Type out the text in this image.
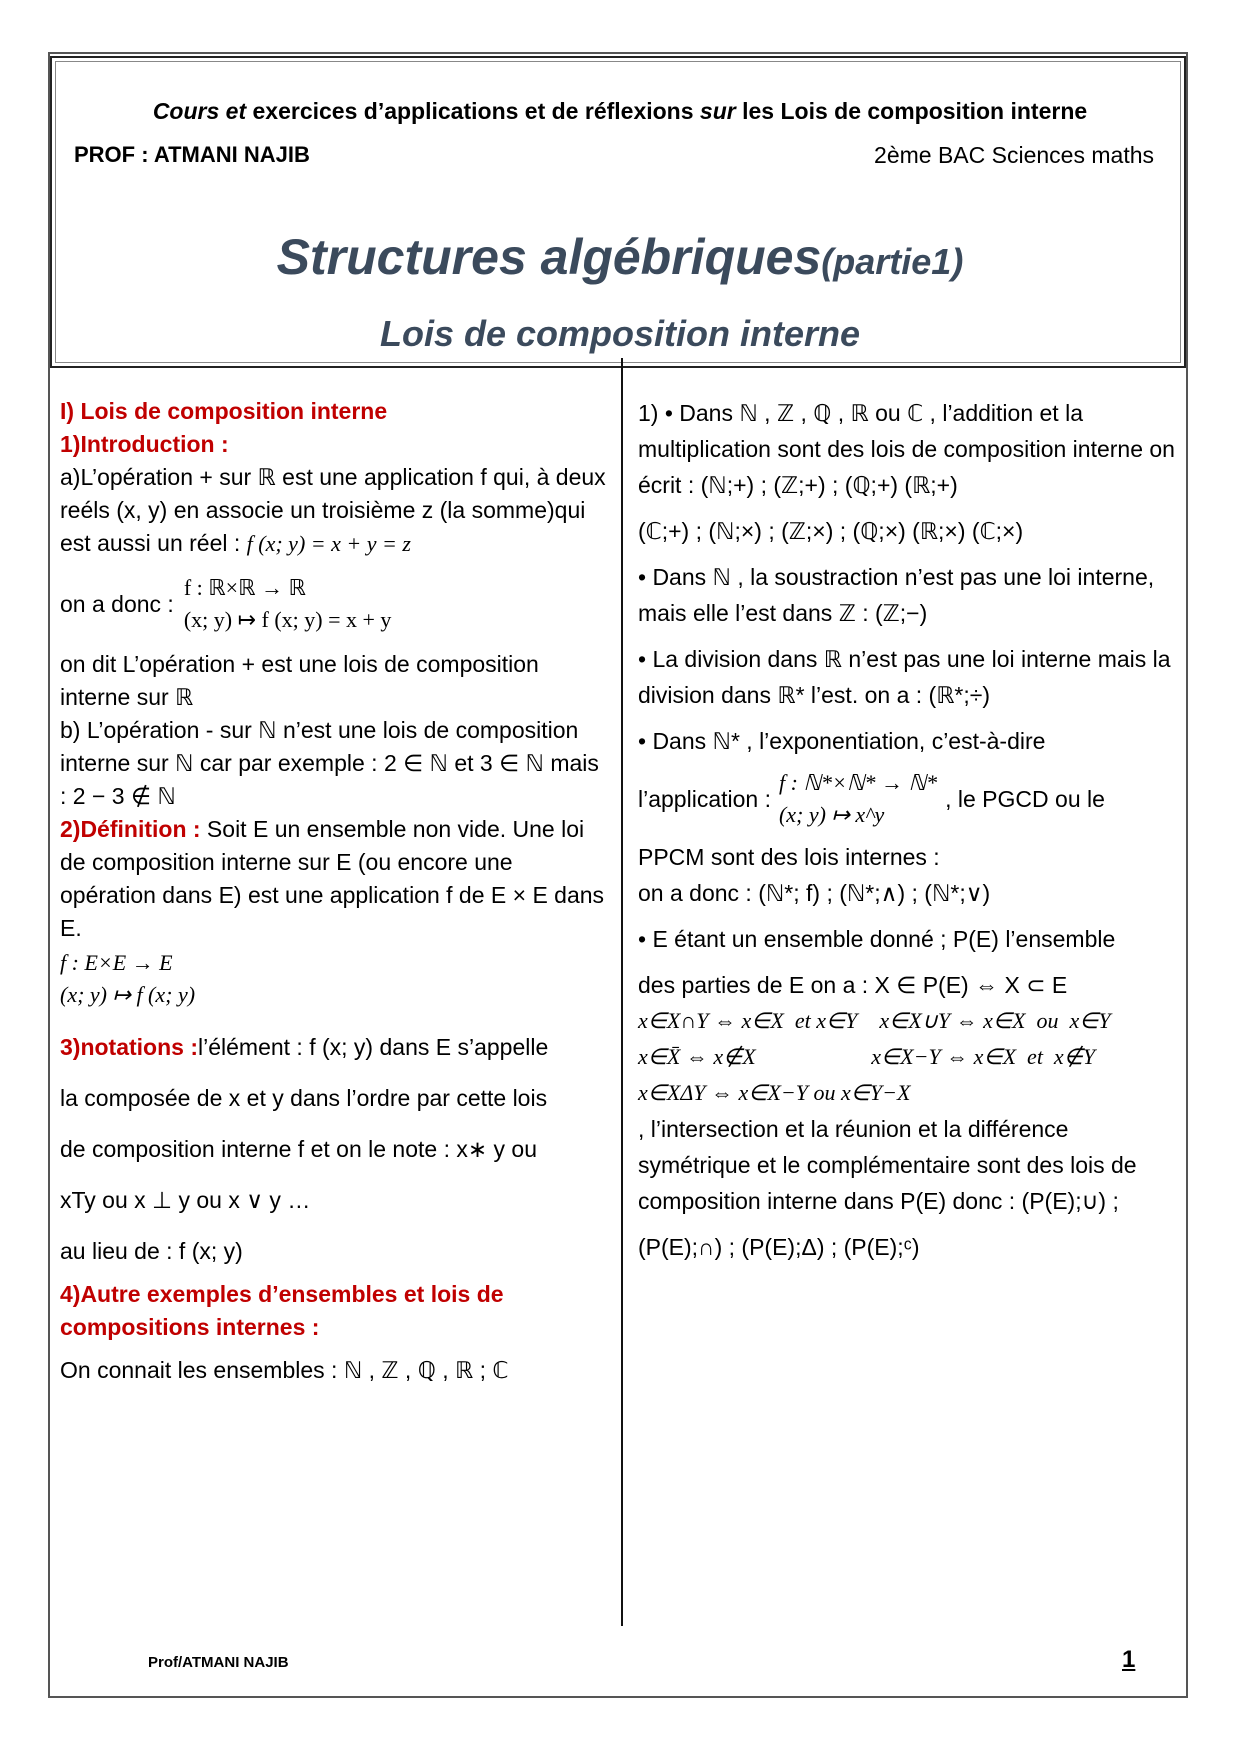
Cours et exercices d’applications et de réflexions sur les Lois de composition interne
PROF : ATMANI NAJIB	2ème BAC Sciences maths
Structures algébriques(partie1)
Lois de composition interne

I) Lois de composition interne

1)Introduction :

a)L’opération + sur ℝ est une application f qui, à deux reéls (x, y) en associe un troisième z (la somme)qui est aussi un réel : f (x; y) = x + y = z

on a donc :
f : ℝ×ℝ → ℝ
(x; y) ↦ f (x; y) = x + y

on dit L’opération + est une lois de composition interne sur ℝ

b) L’opération - sur ℕ n’est une lois de composition interne sur ℕ car par exemple : 2 ∈ ℕ et 3 ∈ ℕ mais : 2 − 3 ∉ ℕ

2)Définition : Soit E un ensemble non vide. Une loi de composition interne sur E (ou encore une opération dans E) est une application f de E × E dans E.

f : E×E → E
(x; y) ↦ f (x; y)

3)notations :l’élément : f (x; y) dans E s’appelle

la composée de x et y dans l’ordre par cette lois

de composition interne f et on le note : x∗ y ou

xTy ou x ⊥ y ou x ∨ y …

au lieu de : f (x; y)

4)Autre exemples d’ensembles et lois de compositions internes :

On connait les ensembles : ℕ , ℤ , ℚ , ℝ ; ℂ

1) • Dans ℕ , ℤ , ℚ , ℝ ou ℂ , l’addition et la multiplication sont des lois de composition interne on écrit : (ℕ;+) ; (ℤ;+) ; (ℚ;+) (ℝ;+)

(ℂ;+) ; (ℕ;×) ; (ℤ;×) ; (ℚ;×) (ℝ;×) (ℂ;×)

• Dans ℕ , la soustraction n’est pas une loi interne, mais elle l’est dans ℤ : (ℤ;−)

• La division dans ℝ n’est pas une loi interne mais la division dans ℝ* l’est. on a : (ℝ*;÷)

• Dans ℕ* , l’exponentiation, c’est-à-dire

l’application :
f : ℕ*×ℕ* → ℕ*
(x; y) ↦ x^y
, le PGCD ou le

PPCM sont des lois internes :

on a donc : (ℕ*; f) ; (ℕ*;∧) ; (ℕ*;∨)

• E étant un ensemble donné ; P(E) l’ensemble

des parties de E on a : X ∈ P(E) ⇔ X ⊂ E

x∈X∩Y ⇔ x∈X  et x∈Y    x∈X∪Y ⇔ x∈X  ou  x∈Y

x∈X̄ ⇔ x∉X                     x∈X−Y ⇔ x∈X  et  x∉Y

x∈XΔY ⇔ x∈X−Y ou x∈Y−X

, l’intersection et la réunion et la différence symétrique et le complémentaire sont des lois de composition interne dans P(E) donc : (P(E);∪) ;

(P(E);∩) ; (P(E);Δ) ; (P(E);ᶜ)

Prof/ATMANI NAJIB	1
